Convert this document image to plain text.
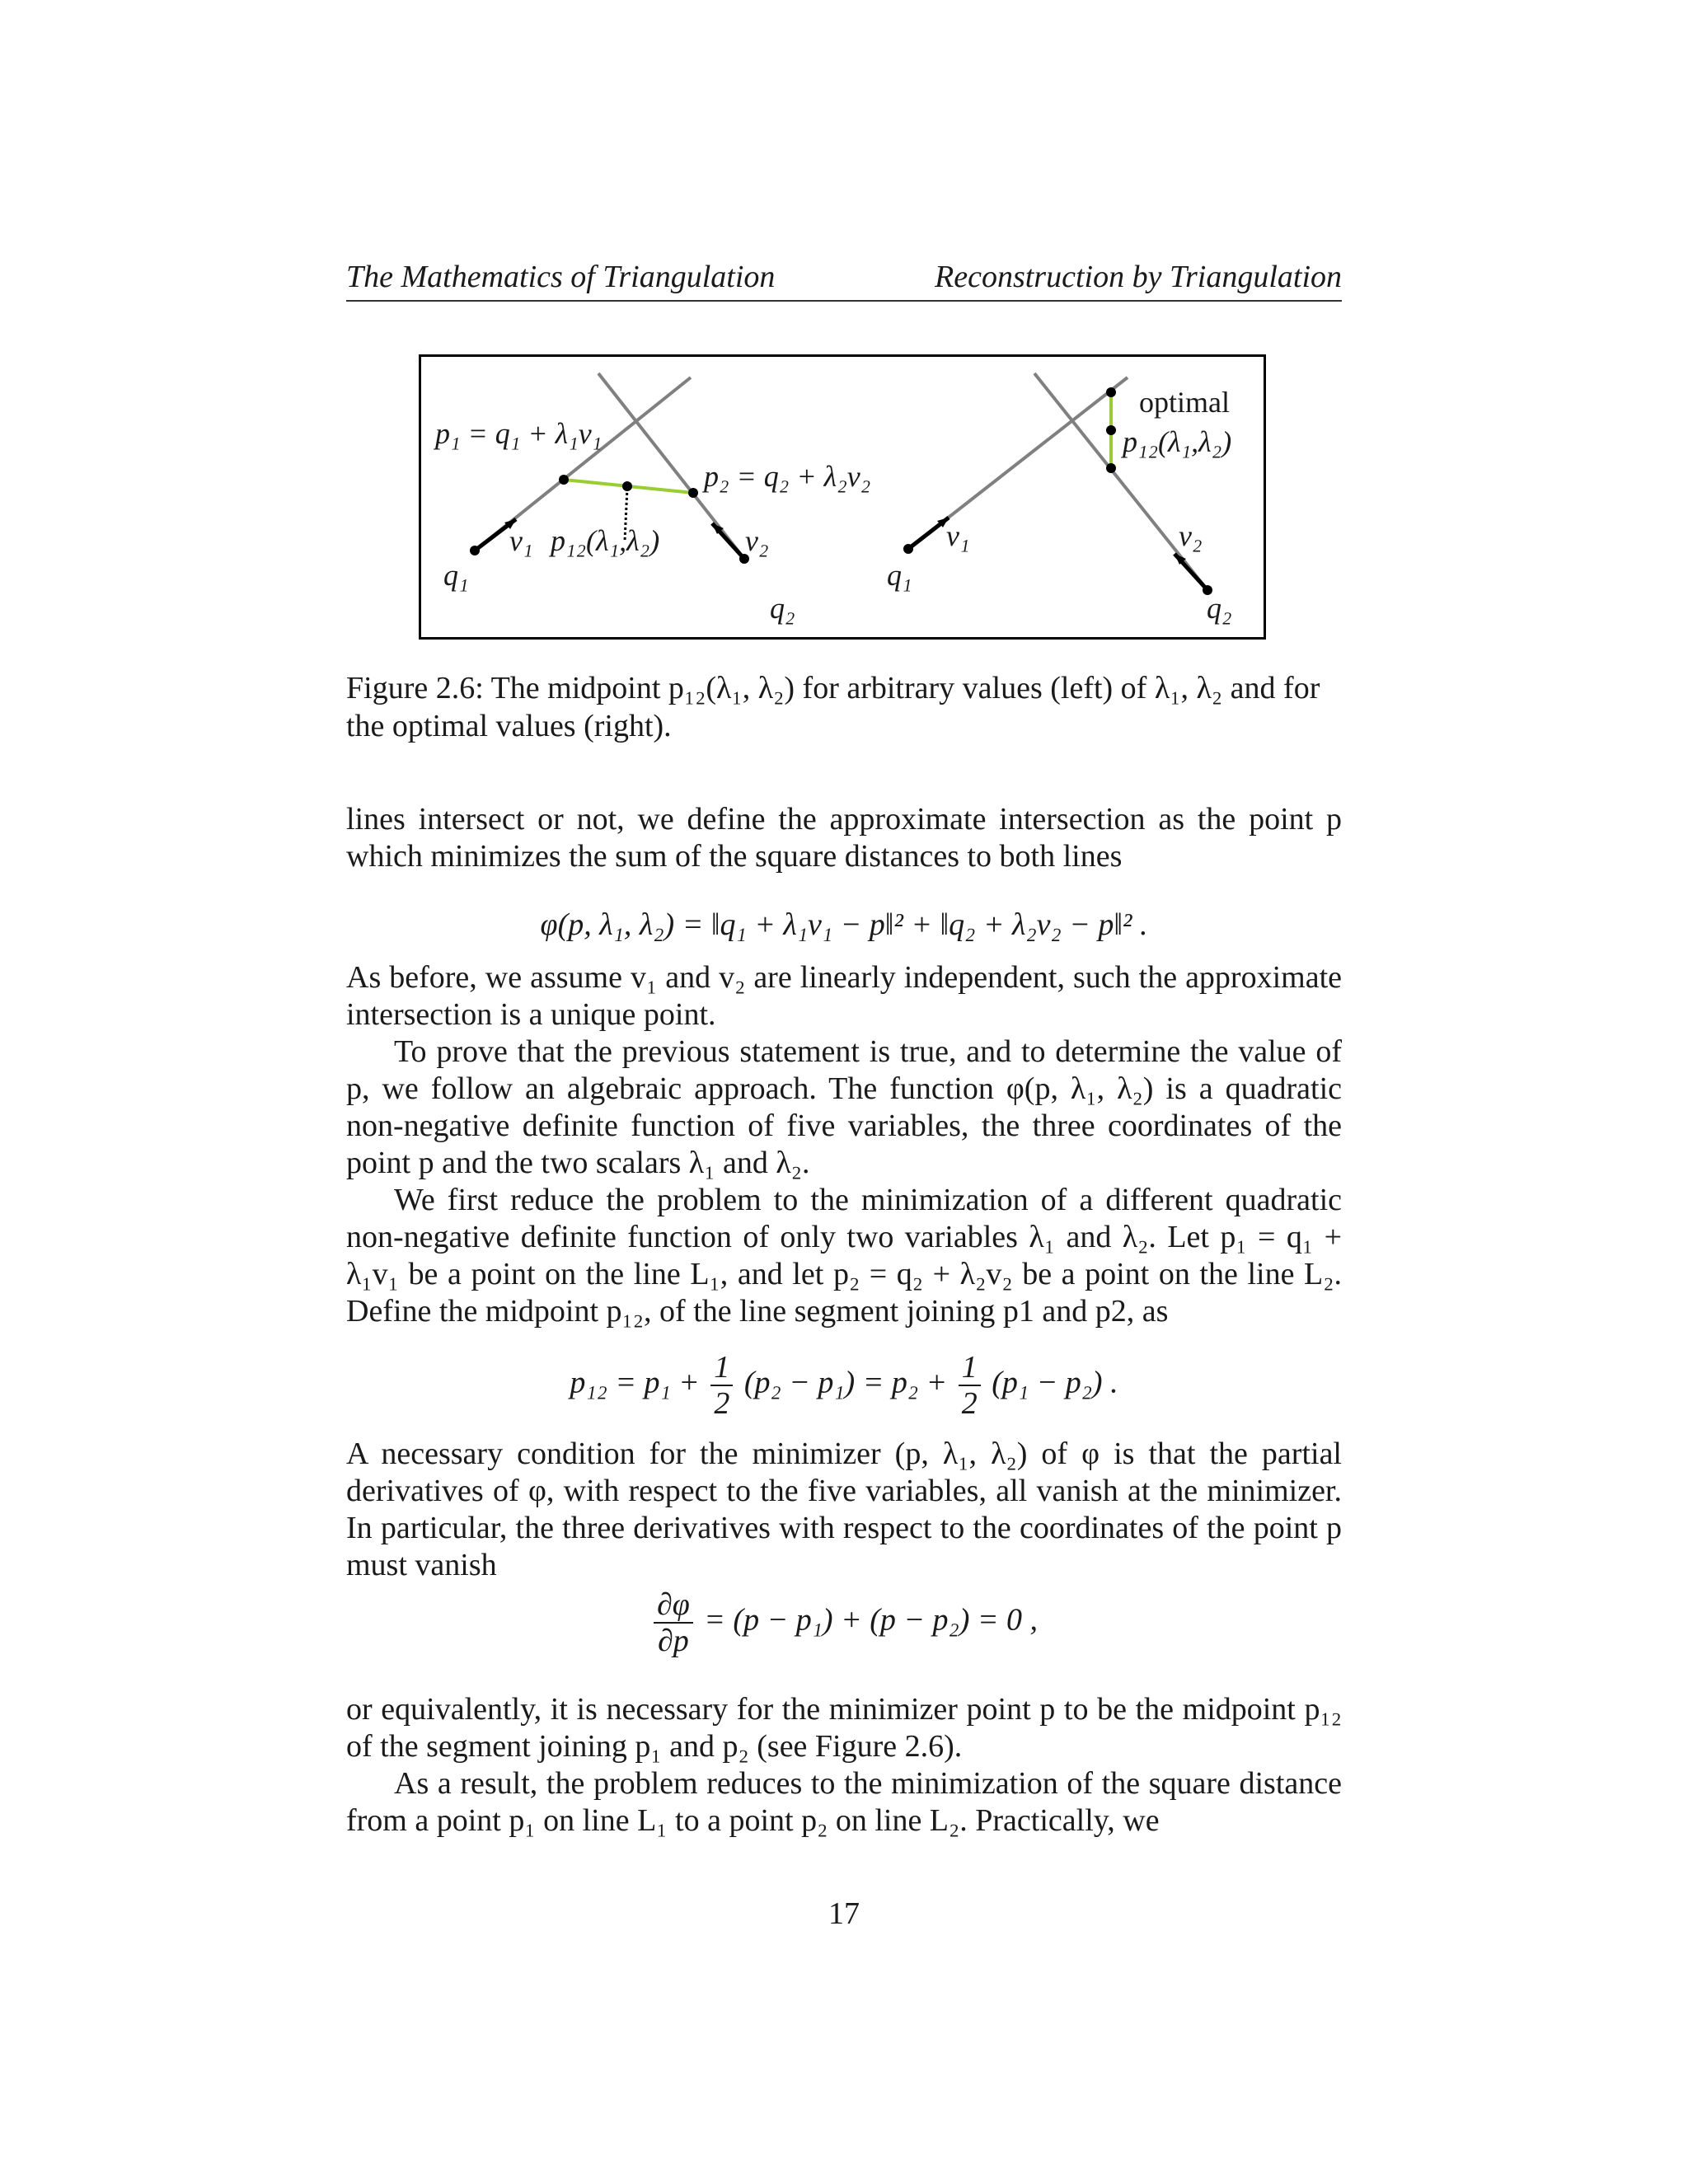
The Mathematics of Triangulation	Reconstruction by Triangulation
p₁ = q₁ + λ₁v₁
p₂ = q₂ + λ₂v₂
v₁ p₁₂(λ₁,λ₂)	v₂
q₁
q₂
optimal
p₁₂(λ₁,λ₂)
v₁	v₂
q₁
q₂
Figure 2.6: The midpoint p₁₂(λ₁, λ₂) for arbitrary values (left) of λ₁, λ₂ and for the optimal values (right).

lines intersect or not, we define the approximate intersection as the point p which minimizes the sum of the square distances to both lines

φ(p, λ₁, λ₂) = ‖q₁ + λ₁v₁ − p‖² + ‖q₂ + λ₂v₂ − p‖² .

As before, we assume v₁ and v₂ are linearly independent, such the approximate intersection is a unique point.

To prove that the previous statement is true, and to determine the value of p, we follow an algebraic approach. The function φ(p, λ₁, λ₂) is a quadratic non-negative definite function of five variables, the three coordinates of the point p and the two scalars λ₁ and λ₂.

We first reduce the problem to the minimization of a different quadratic non-negative definite function of only two variables λ₁ and λ₂. Let p₁ = q₁ + λ₁v₁ be a point on the line L₁, and let p₂ = q₂ + λ₂v₂ be a point on the line L₂. Define the midpoint p₁₂, of the line segment joining p1 and p2, as

$p_{12} = p_1 + \frac{1}{2} (p_2 - p_1) = p_2 + \frac{1}{2} (p_1 - p_2)$ .

A necessary condition for the minimizer (p, λ₁, λ₂) of φ is that the partial derivatives of φ, with respect to the five variables, all vanish at the minimizer. In particular, the three derivatives with respect to the coordinates of the point p must vanish

$\frac{\partial\varphi}{\partial p} = (p - p_1) + (p - p_2) = 0$ ,

or equivalently, it is necessary for the minimizer point p to be the midpoint p₁₂ of the segment joining p₁ and p₂ (see Figure 2.6).

As a result, the problem reduces to the minimization of the square distance from a point p₁ on line L₁ to a point p₂ on line L₂. Practically, we

17
